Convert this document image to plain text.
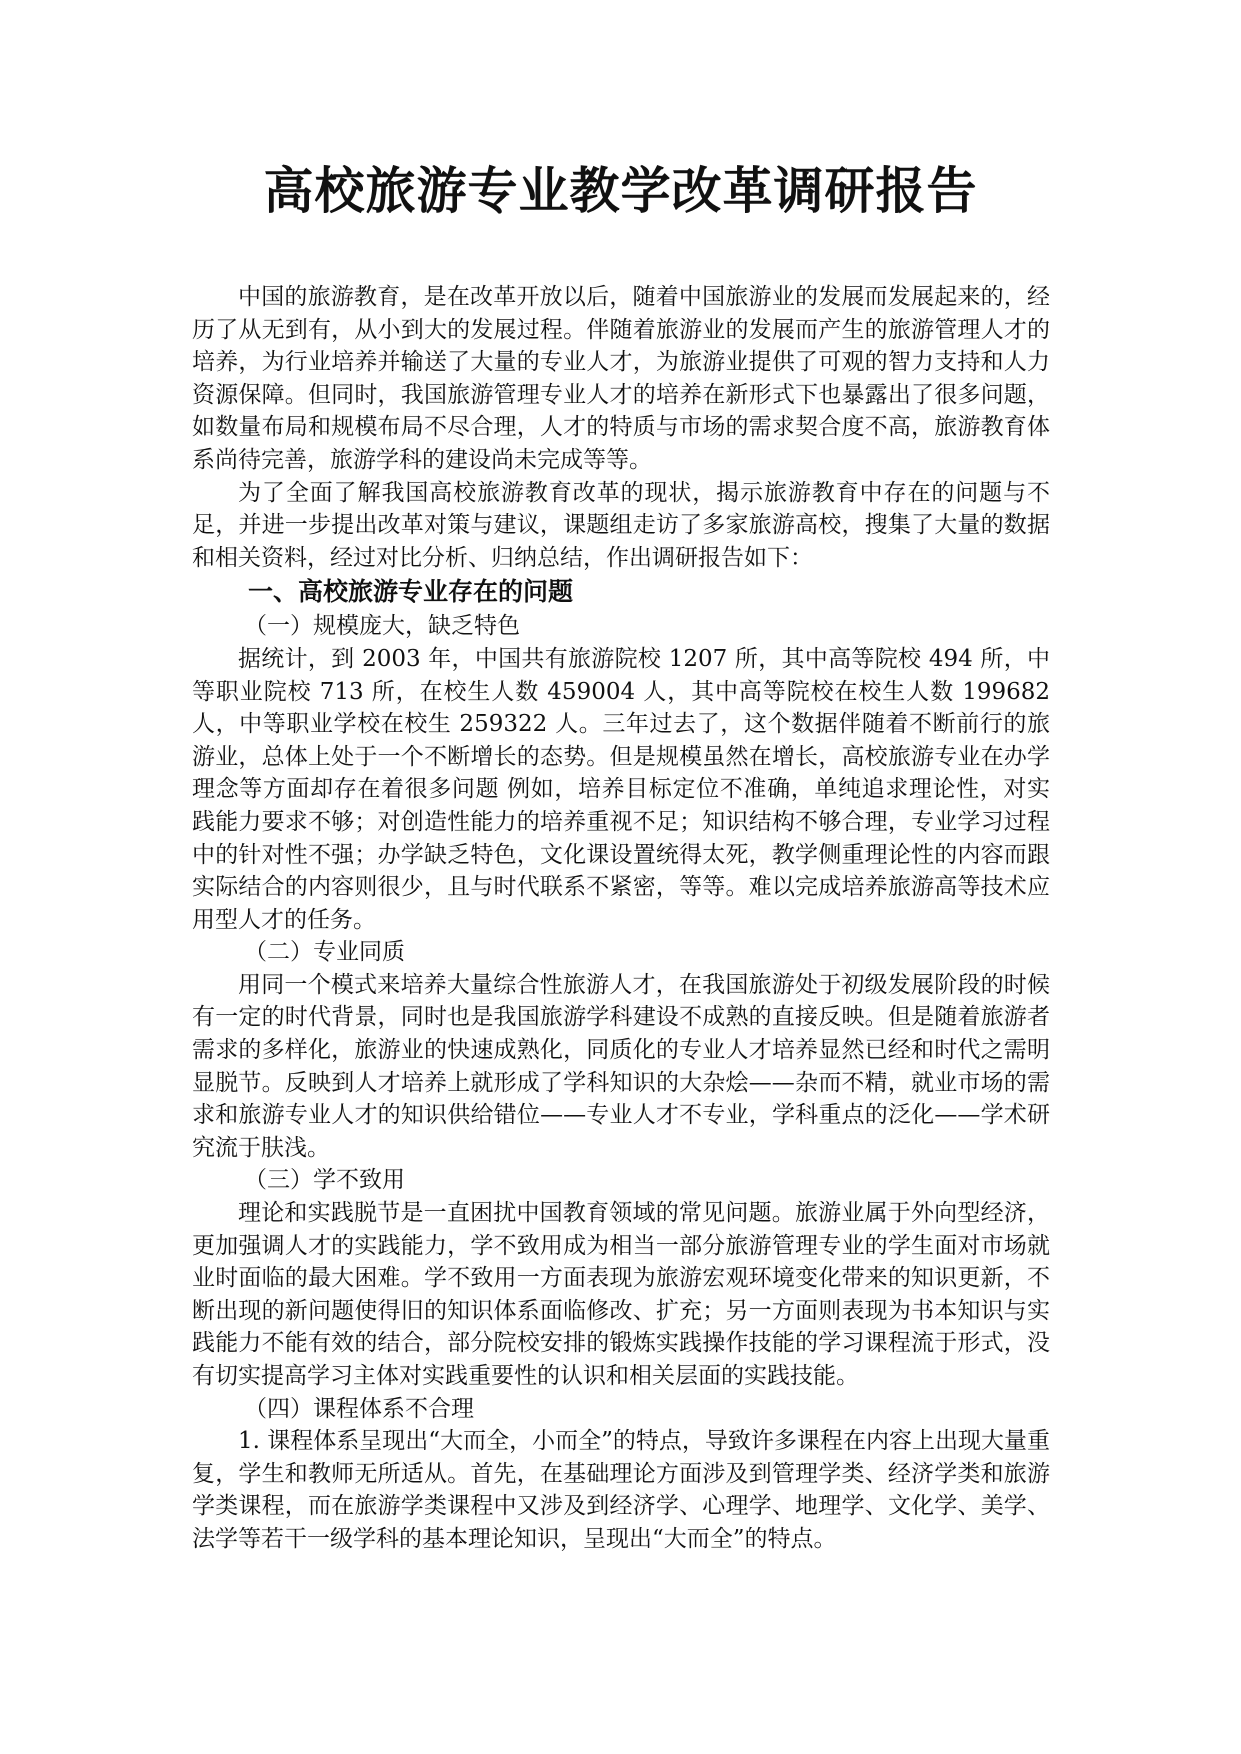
高校旅游专业教学改革调研报告

中国的旅游教育，是在改革开放以后，随着中国旅游业的发展而发展起来的，经历了从无到有，从小到大的发展过程。伴随着旅游业的发展而产生的旅游管理人才的培养，为行业培养并输送了大量的专业人才，为旅游业提供了可观的智力支持和人力资源保障。但同时，我国旅游管理专业人才的培养在新形式下也暴露出了很多问题，如数量布局和规模布局不尽合理，人才的特质与市场的需求契合度不高，旅游教育体系尚待完善，旅游学科的建设尚未完成等等。

为了全面了解我国高校旅游教育改革的现状，揭示旅游教育中存在的问题与不足，并进一步提出改革对策与建议，课题组走访了多家旅游高校，搜集了大量的数据和相关资料，经过对比分析、归纳总结，作出调研报告如下：

一、高校旅游专业存在的问题

（一）规模庞大，缺乏特色

据统计，到 2003 年，中国共有旅游院校 1207 所，其中高等院校 494 所，中等职业院校 713 所，在校生人数 459004 人，其中高等院校在校生人数 199682 人，中等职业学校在校生 259322 人。三年过去了，这个数据伴随着不断前行的旅游业，总体上处于一个不断增长的态势。但是规模虽然在增长，高校旅游专业在办学理念等方面却存在着很多问题 例如，培养目标定位不准确，单纯追求理论性，对实践能力要求不够；对创造性能力的培养重视不足；知识结构不够合理，专业学习过程中的针对性不强；办学缺乏特色，文化课设置统得太死，教学侧重理论性的内容而跟实际结合的内容则很少，且与时代联系不紧密，等等。难以完成培养旅游高等技术应用型人才的任务。

（二）专业同质

用同一个模式来培养大量综合性旅游人才，在我国旅游处于初级发展阶段的时候有一定的时代背景，同时也是我国旅游学科建设不成熟的直接反映。但是随着旅游者需求的多样化，旅游业的快速成熟化，同质化的专业人才培养显然已经和时代之需明显脱节。反映到人才培养上就形成了学科知识的大杂烩——杂而不精，就业市场的需求和旅游专业人才的知识供给错位——专业人才不专业，学科重点的泛化——学术研究流于肤浅。

（三）学不致用

理论和实践脱节是一直困扰中国教育领域的常见问题。旅游业属于外向型经济，更加强调人才的实践能力，学不致用成为相当一部分旅游管理专业的学生面对市场就业时面临的最大困难。学不致用一方面表现为旅游宏观环境变化带来的知识更新，不断出现的新问题使得旧的知识体系面临修改、扩充；另一方面则表现为书本知识与实践能力不能有效的结合，部分院校安排的锻炼实践操作技能的学习课程流于形式，没有切实提高学习主体对实践重要性的认识和相关层面的实践技能。

（四）课程体系不合理

1. 课程体系呈现出“大而全，小而全”的特点，导致许多课程在内容上出现大量重复，学生和教师无所适从。首先，在基础理论方面涉及到管理学类、经济学类和旅游学类课程，而在旅游学类课程中又涉及到经济学、心理学、地理学、文化学、美学、法学等若干一级学科的基本理论知识，呈现出“大而全”的特点。
